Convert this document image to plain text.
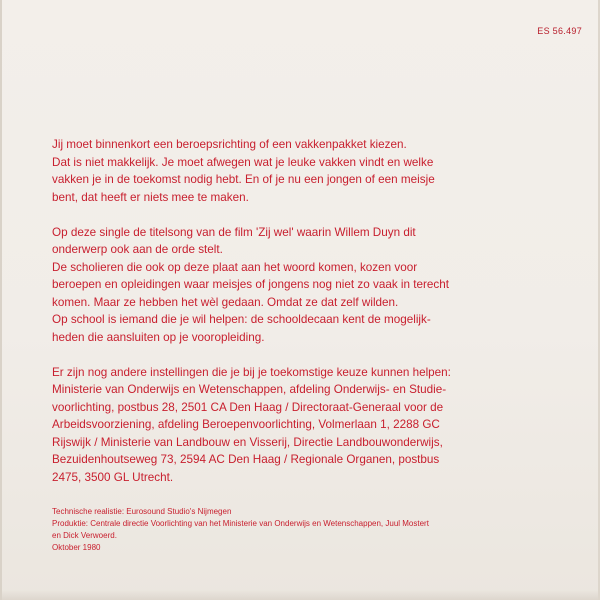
ES 56.497

Jij moet binnenkort een beroepsrichting of een vakkenpakket kiezen.

Dat is niet makkelijk. Je moet afwegen wat je leuke vakken vindt en welke

vakken je in de toekomst nodig hebt. En of je nu een jongen of een meisje

bent, dat heeft er niets mee te maken.

Op deze single de titelsong van de film 'Zij wel' waarin Willem Duyn dit

onderwerp ook aan de orde stelt.

De scholieren die ook op deze plaat aan het woord komen, kozen voor

beroepen en opleidingen waar meisjes of jongens nog niet zo vaak in terecht

komen. Maar ze hebben het wèl gedaan. Omdat ze dat zelf wilden.

Op school is iemand die je wil helpen: de schooldecaan kent de mogelijk-

heden die aansluiten op je vooropleiding.

Er zijn nog andere instellingen die je bij je toekomstige keuze kunnen helpen:

Ministerie van Onderwijs en Wetenschappen, afdeling Onderwijs- en Studie-

voorlichting, postbus 28, 2501 CA Den Haag / Directoraat-Generaal voor de

Arbeidsvoorziening, afdeling Beroepenvoorlichting, Volmerlaan 1, 2288 GC

Rijswijk / Ministerie van Landbouw en Visserij, Directie Landbouwonderwijs,

Bezuidenhoutseweg 73, 2594 AC Den Haag / Regionale Organen, postbus

2475, 3500 GL Utrecht.

Technische realistie: Eurosound Studio's Nijmegen

Produktie: Centrale directie Voorlichting van het Ministerie van Onderwijs en Wetenschappen, Juul Mostert

en Dick Verwoerd.

Oktober 1980
